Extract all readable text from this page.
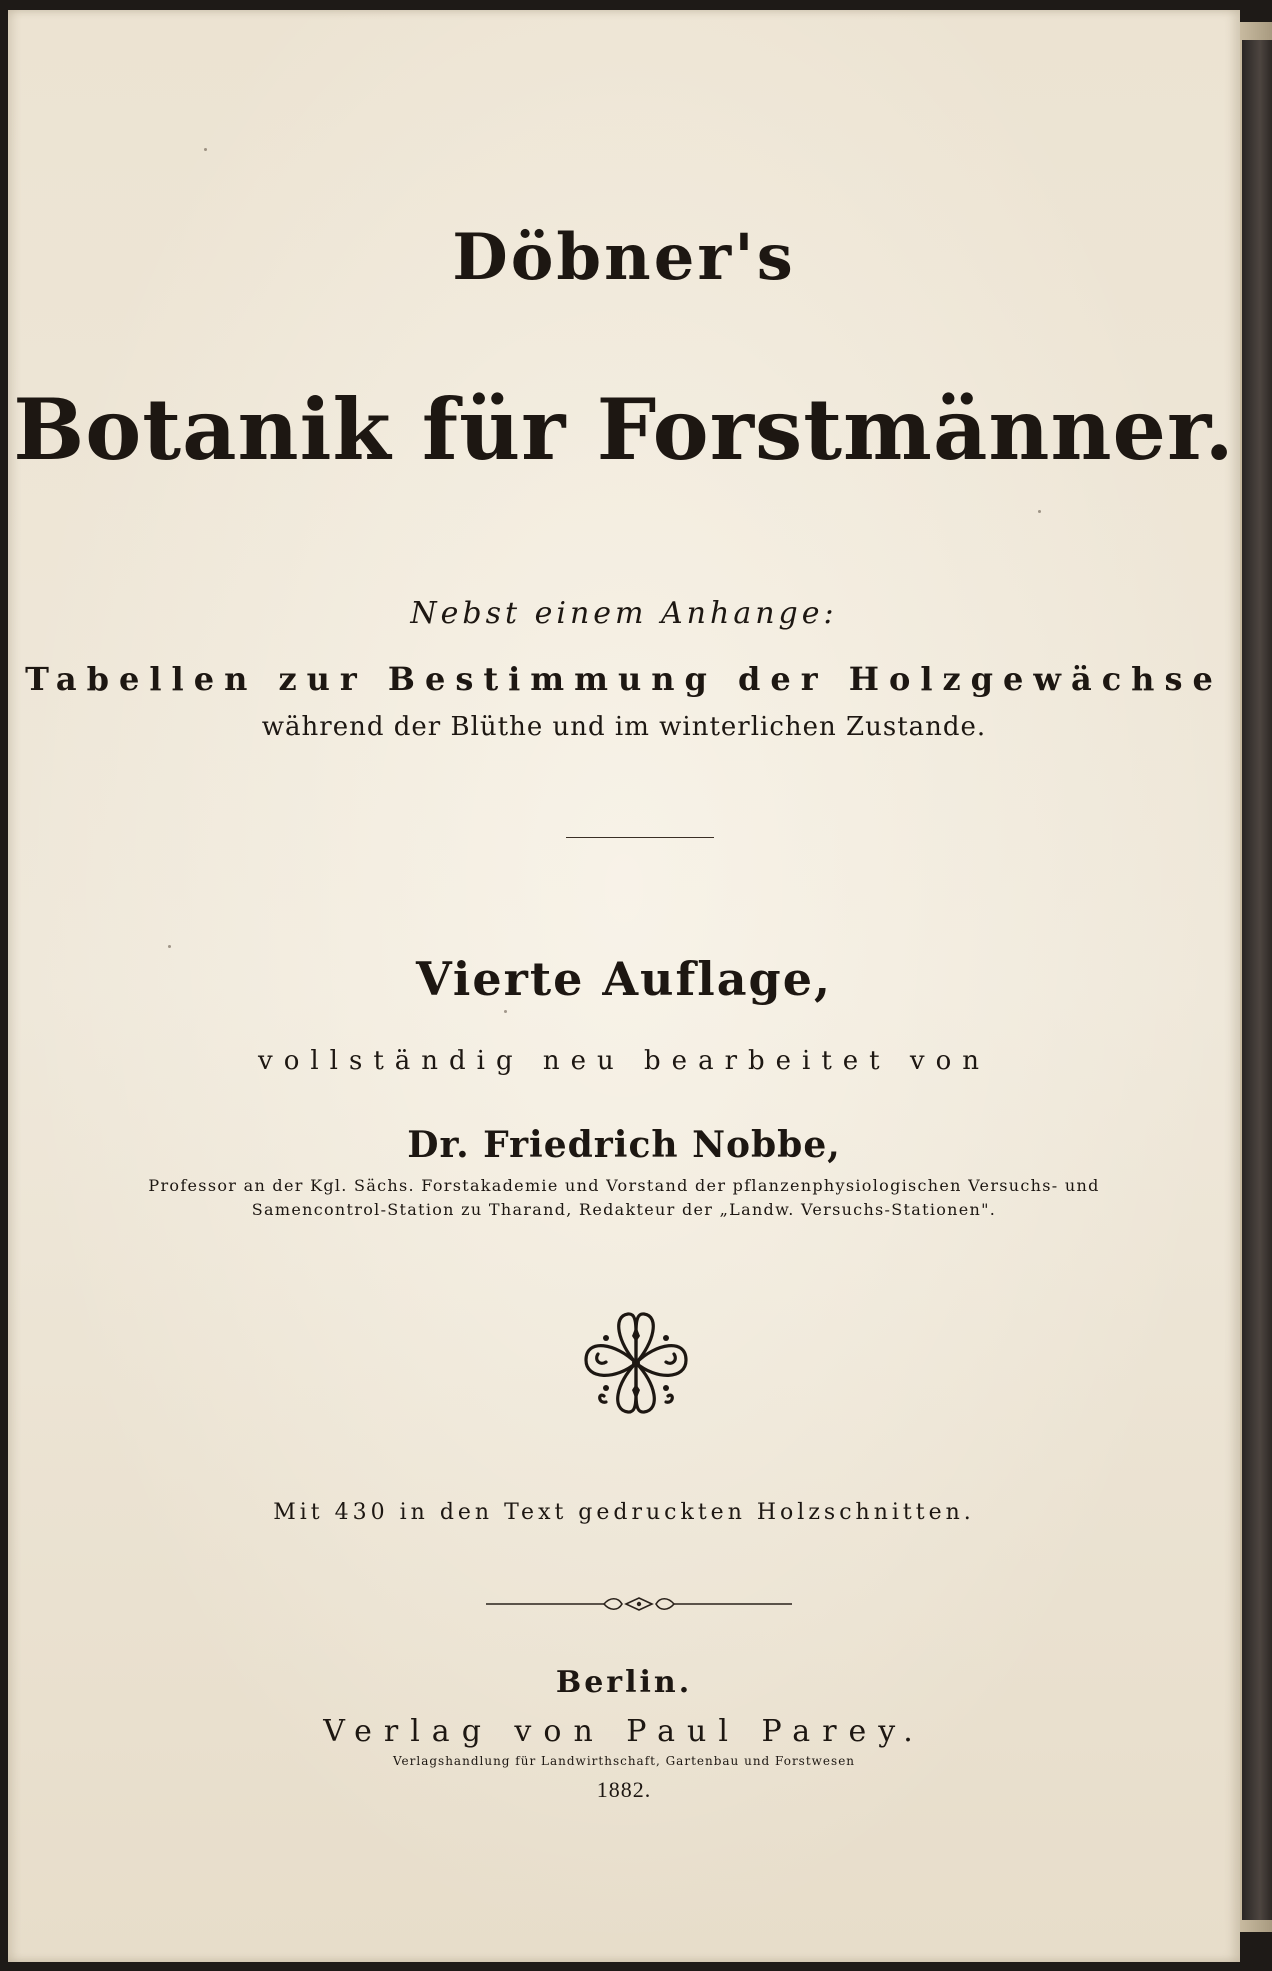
Döbner's
Botanik für Forstmänner.
Nebst einem Anhange:
Tabellen zur Bestimmung der Holzgewächse
während der Blüthe und im winterlichen Zustande.
Vierte Auflage,
vollständig neu bearbeitet von
Dr. Friedrich Nobbe,
Professor an der Kgl. Sächs. Forstakademie und Vorstand der pflanzenphysiologischen Versuchs- und
Samencontrol-Station zu Tharand, Redakteur der „Landw. Versuchs-Stationen".
Mit 430 in den Text gedruckten Holzschnitten.
Berlin.
Verlag von Paul Parey.
Verlagshandlung für Landwirthschaft, Gartenbau und Forstwesen
1882.
